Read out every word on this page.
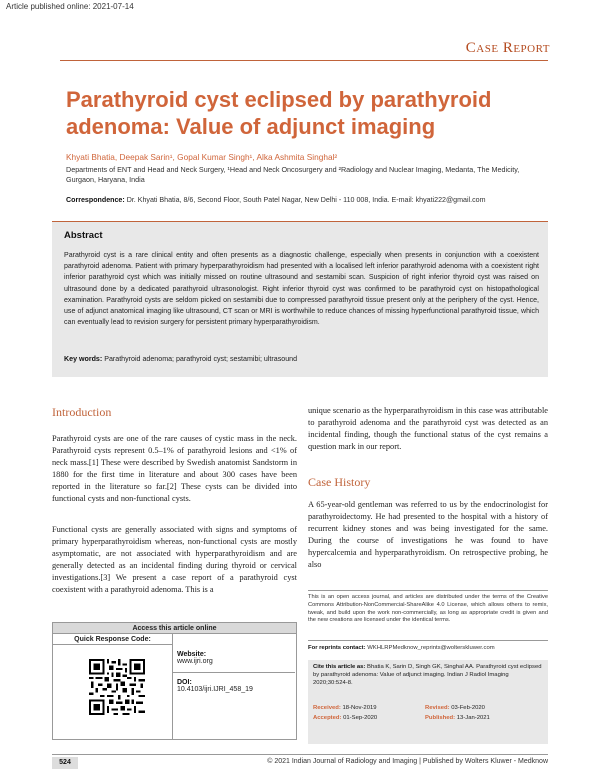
Article published online: 2021-07-14
Case Report
Parathyroid cyst eclipsed by parathyroid adenoma: Value of adjunct imaging
Khyati Bhatia, Deepak Sarin¹, Gopal Kumar Singh¹, Alka Ashmita Singhal²
Departments of ENT and Head and Neck Surgery, ¹Head and Neck Oncosurgery and ²Radiology and Nuclear Imaging, Medanta, The Medicity, Gurgaon, Haryana, India
Correspondence: Dr. Khyati Bhatia, 8/6, Second Floor, South Patel Nagar, New Delhi - 110 008, India. E-mail: khyati222@gmail.com
Abstract
Parathyroid cyst is a rare clinical entity and often presents as a diagnostic challenge, especially when presents in conjunction with a coexistent parathyroid adenoma. Patient with primary hyperparathyroidism had presented with a localised left inferior parathyroid adenoma with a coexistent right inferior parathyroid cyst which was initially missed on routine ultrasound and sestamibi scan. Suspicion of right inferior thyroid cyst was raised on ultrasound done by a dedicated parathyroid ultrasonologist. Right inferior thyroid cyst was confirmed to be parathyroid cyst on histopathological examination. Parathyroid cysts are seldom picked on sestamibi due to compressed parathyroid tissue present only at the periphery of the cyst. Hence, use of adjunct anatomical imaging like ultrasound, CT scan or MRI is worthwhile to reduce chances of missing hyperfunctional parathyroid tissue, which can eventually lead to revision surgery for persistent primary hyperparathyroidism.
Key words: Parathyroid adenoma; parathyroid cyst; sestamibi; ultrasound
Introduction
Parathyroid cysts are one of the rare causes of cystic mass in the neck. Parathyroid cysts represent 0.5–1% of parathyroid lesions and <1% of neck mass.[1] These were described by Swedish anatomist Sandstorm in 1880 for the first time in literature and about 300 cases have been reported in the literature so far.[2] These cysts can be divided into functional cysts and non-functional cysts.
Functional cysts are generally associated with signs and symptoms of primary hyperparathyroidism whereas, non-functional cysts are mostly asymptomatic, are not associated with hyperparathyroidism and are generally detected as an incidental finding during thyroid or cervical investigations.[3] We present a case report of a parathyroid cyst coexistent with a parathyroid adenoma. This is a
unique scenario as the hyperparathyroidism in this case was attributable to parathyroid adenoma and the parathyroid cyst was detected as an incidental finding, though the functional status of the cyst remains a question mark in our report.
Case History
A 65-year-old gentleman was referred to us by the endocrinologist for parathyroidectomy. He had presented to the hospital with a history of recurrent kidney stones and was being investigated for the same. During the course of investigations he was found to have hypercalcemia and hyperparathyroidism. On retrospective probing, he also
Access this article online
Quick Response Code:
Website:
www.ijri.org
DOI:
10.4103/ijri.IJRI_458_19
This is an open access journal, and articles are distributed under the terms of the Creative Commons Attribution-NonCommercial-ShareAlike 4.0 License, which allows others to remix, tweak, and build upon the work non-commercially, as long as appropriate credit is given and the new creations are licensed under the identical terms.
For reprints contact: WKHLRPMedknow_reprints@wolterskluwer.com
Cite this article as: Bhatia K, Sarin D, Singh GK, Singhal AA. Parathyroid cyst eclipsed by parathyroid adenoma: Value of adjunct imaging. Indian J Radiol Imaging 2020;30:524-8.
Received: 18-Nov-2019	Revised: 03-Feb-2020
Accepted: 01-Sep-2020	Published: 13-Jan-2021
524	© 2021 Indian Journal of Radiology and Imaging | Published by Wolters Kluwer - Medknow
